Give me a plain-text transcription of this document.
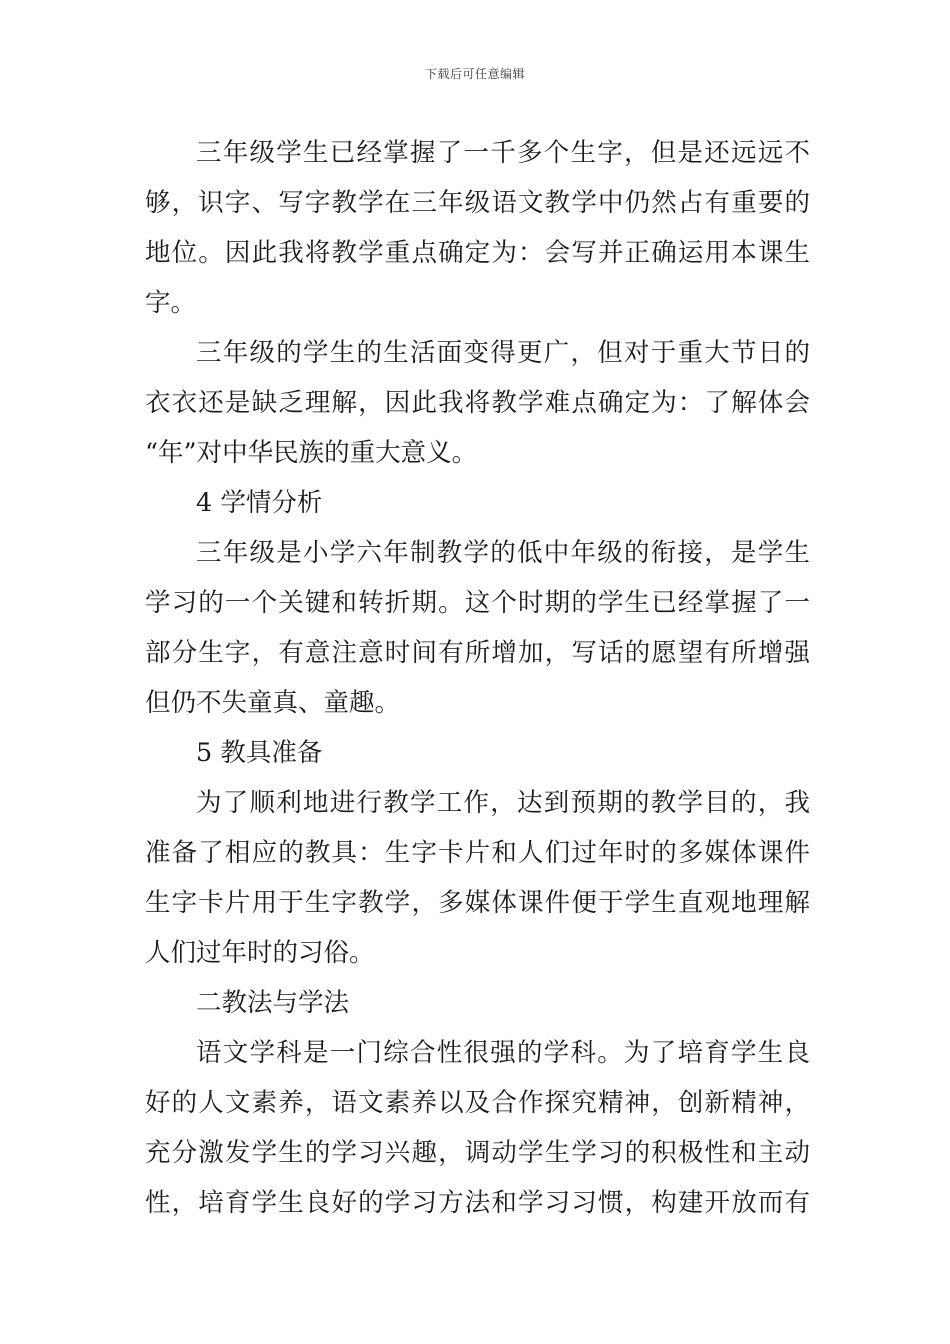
下载后可任意编辑
三年级学生已经掌握了一千多个生字，但是还远远不
够，识字、写字教学在三年级语文教学中仍然占有重要的
地位。因此我将教学重点确定为：会写并正确运用本课生
字。
三年级的学生的生活面变得更广，但对于重大节日的
衣衣还是缺乏理解，因此我将教学难点确定为：了解体会
“年”对中华民族的重大意义。
4 学情分析
三年级是小学六年制教学的低中年级的衔接，是学生
学习的一个关键和转折期。这个时期的学生已经掌握了一
部分生字，有意注意时间有所增加，写话的愿望有所增强
但仍不失童真、童趣。
5 教具准备
为了顺利地进行教学工作，达到预期的教学目的，我
准备了相应的教具：生字卡片和人们过年时的多媒体课件
生字卡片用于生字教学，多媒体课件便于学生直观地理解
人们过年时的习俗。
二教法与学法
语文学科是一门综合性很强的学科。为了培育学生良
好的人文素养，语文素养以及合作探究精神，创新精神，
充分激发学生的学习兴趣，调动学生学习的积极性和主动
性，培育学生良好的学习方法和学习习惯，构建开放而有
